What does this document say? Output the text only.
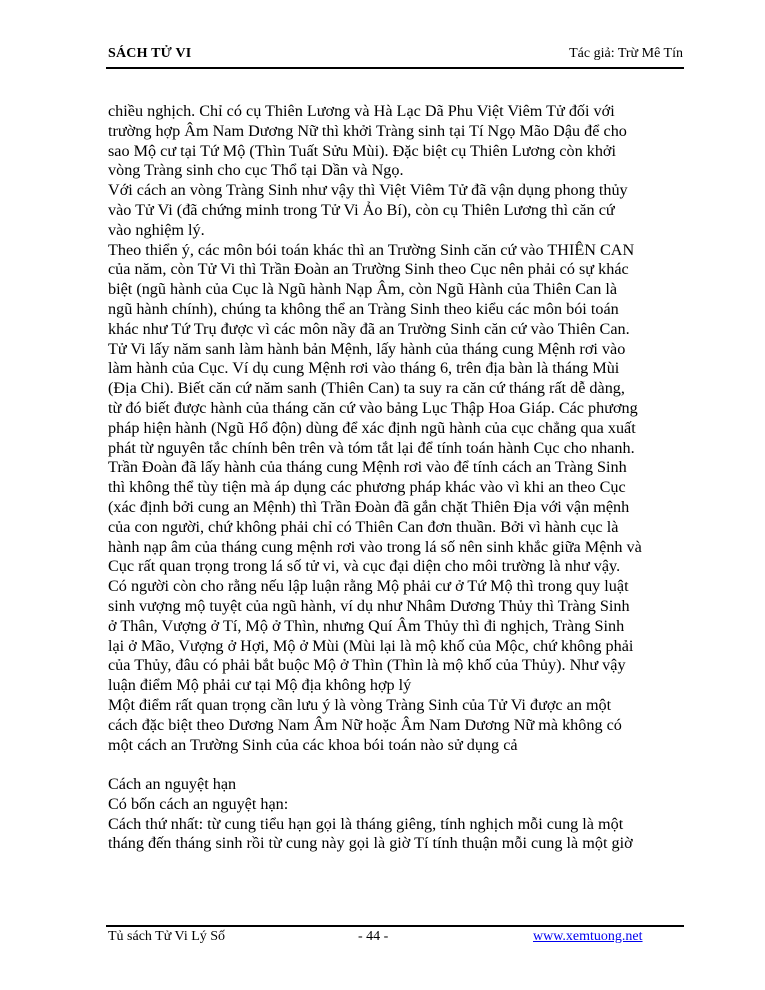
SÁCH TỬ VI	Tác giả: Trừ Mê Tín
chiều nghịch. Chỉ có cụ Thiên Lương và Hà Lạc Dã Phu Việt Viêm Tử đối với
trường hợp Âm Nam Dương Nữ thì khởi Tràng sinh tại Tí Ngọ Mão Dậu để cho
sao Mộ cư tại Tứ Mộ (Thìn Tuất Sửu Mùi). Đặc biệt cụ Thiên Lương còn khởi
vòng Tràng sinh cho cục Thổ tại Dần và Ngọ.
Với cách an vòng Tràng Sinh như vậy thì Việt Viêm Tử đã vận dụng phong thủy
vào Tử Vi (đã chứng minh trong Tử Vi Ảo Bí), còn cụ Thiên Lương thì căn cứ
vào nghiệm lý.
Theo thiển ý, các môn bói toán khác thì an Trường Sinh căn cứ vào THIÊN CAN
của năm, còn Tử Vi thì Trần Đoàn an Trường Sinh theo Cục nên phải có sự khác
biệt (ngũ hành của Cục là Ngũ hành Nạp Âm, còn Ngũ Hành của Thiên Can là
ngũ hành chính), chúng ta không thể an Tràng Sinh theo kiểu các môn bói toán
khác như Tứ Trụ được vì các môn nầy đã an Trường Sinh căn cứ vào Thiên Can.
Tử Vi lấy năm sanh làm hành bản Mệnh, lấy hành của tháng cung Mệnh rơi vào
làm hành của Cục. Ví dụ cung Mệnh rơi vào tháng 6, trên địa bàn là tháng Mùi
(Địa Chi). Biết căn cứ năm sanh (Thiên Can) ta suy ra căn cứ tháng rất dễ dàng,
từ đó biết được hành của tháng căn cứ vào bảng Lục Thập Hoa Giáp. Các phương
pháp hiện hành (Ngũ Hổ độn) dùng để xác định ngũ hành của cục chẳng qua xuất
phát từ nguyên tắc chính bên trên và tóm tắt lại để tính toán hành Cục cho nhanh.
Trần Đoàn đã lấy hành của tháng cung Mệnh rơi vào để tính cách an Tràng Sinh
thì không thể tùy tiện mà áp dụng các phương pháp khác vào vì khi an theo Cục
(xác định bởi cung an Mệnh) thì Trần Đoàn đã gắn chặt Thiên Địa với vận mệnh
của con người, chứ không phải chỉ có Thiên Can đơn thuần. Bởi vì hành cục là
hành nạp âm của tháng cung mệnh rơi vào trong lá số nên sinh khắc giữa Mệnh và
Cục rất quan trọng trong lá số tử vi, và cục đại diện cho môi trường là như vậy.
Có người còn cho rằng nếu lập luận rằng Mộ phải cư ở Tứ Mộ thì trong quy luật
sinh vượng mộ tuyệt của ngũ hành, ví dụ như Nhâm Dương Thủy thì Tràng Sinh
ở Thân, Vượng ở Tí, Mộ ở Thìn, nhưng Quí Âm Thủy thì đi nghịch, Tràng Sinh
lại ở Mão, Vượng ở Hợi, Mộ ở Mùi (Mùi lại là mộ khố của Mộc, chứ không phải
của Thủy, đâu có phải bắt buộc Mộ ở Thìn (Thìn là mộ khố của Thủy). Như vậy
luận điểm Mộ phải cư tại Mộ địa không hợp lý
Một điểm rất quan trọng cần lưu ý là vòng Tràng Sinh của Tử Vi được an một
cách đặc biệt theo Dương Nam Âm Nữ hoặc Âm Nam Dương Nữ mà không có
một cách an Trường Sinh của các khoa bói toán nào sử dụng cả
Cách an nguyệt hạn
Có bốn cách an nguyệt hạn:
Cách thứ nhất: từ cung tiểu hạn gọi là tháng giêng, tính nghịch mỗi cung là một
tháng đến tháng sinh rồi từ cung này gọi là giờ Tí tính thuận mỗi cung là một giờ
Tủ sách Tử Vi Lý Số	- 44 -	www.xemtuong.net
